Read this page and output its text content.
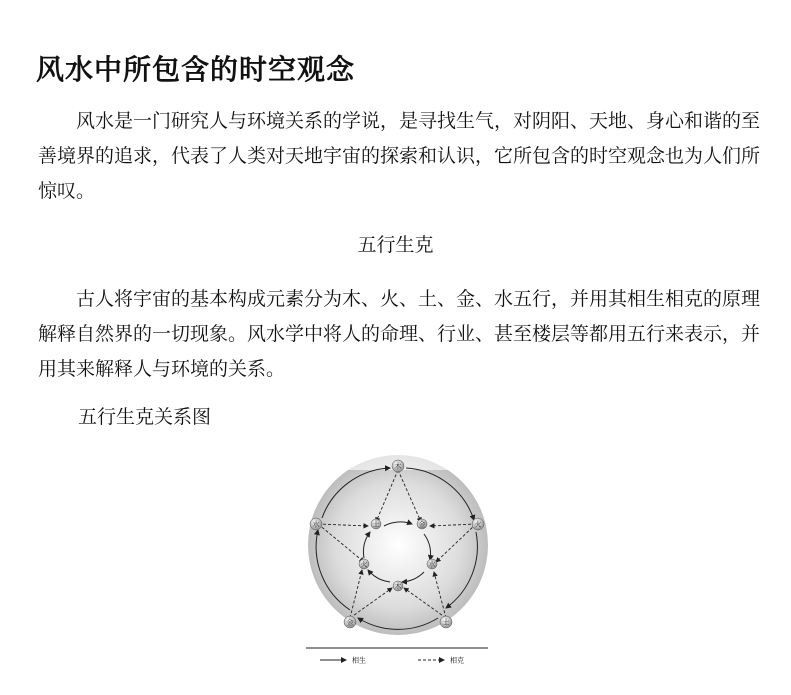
风水中所包含的时空观念

风水是一门研究人与环境关系的学说，是寻找生气，对阴阳、天地、身心和谐的至善境界的追求，代表了人类对天地宇宙的探索和认识，它所包含的时空观念也为人们所惊叹。

五行生克

古人将宇宙的基本构成元素分为木、火、土、金、水五行，并用其相生相克的原理解释自然界的一切现象。风水学中将人的命理、行业、甚至楼层等都用五行来表示，并用其来解释人与环境的关系。

五行生克关系图

木
火
土
金
水	土	金
水
木
火
相生	相克
